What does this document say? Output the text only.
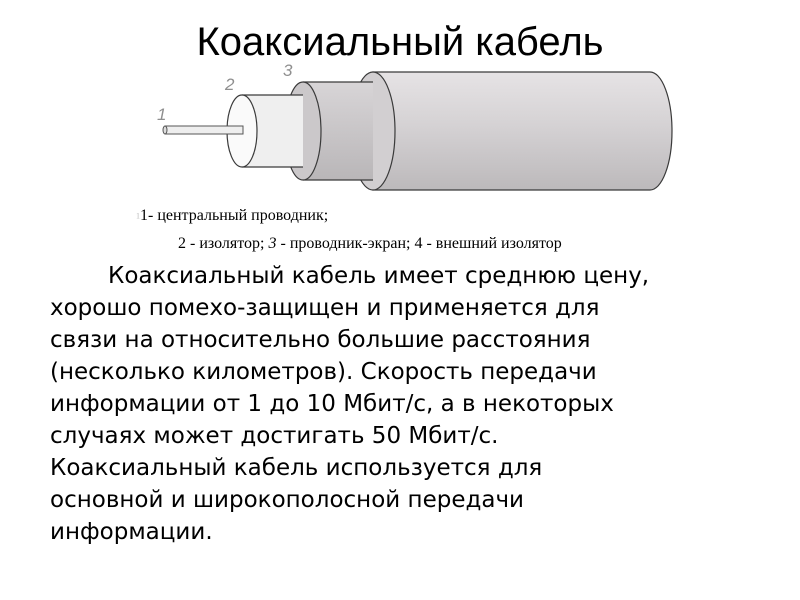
Коаксиальный кабель
1
2
3
11- центральный проводник;
2 - изолятор; 3 - проводник-экран; 4 - внешний изолятор
Коаксиальный кабель имеет среднюю цену,
хорошо помехо-защищен и применяется для
связи на относительно большие расстояния
(несколько километров). Скорость передачи
информации от 1 до 10 Мбит/с, а в некоторых
случаях может достигать 50 Мбит/с.
Коаксиальный кабель используется для
основной и широкополосной передачи
информации.
